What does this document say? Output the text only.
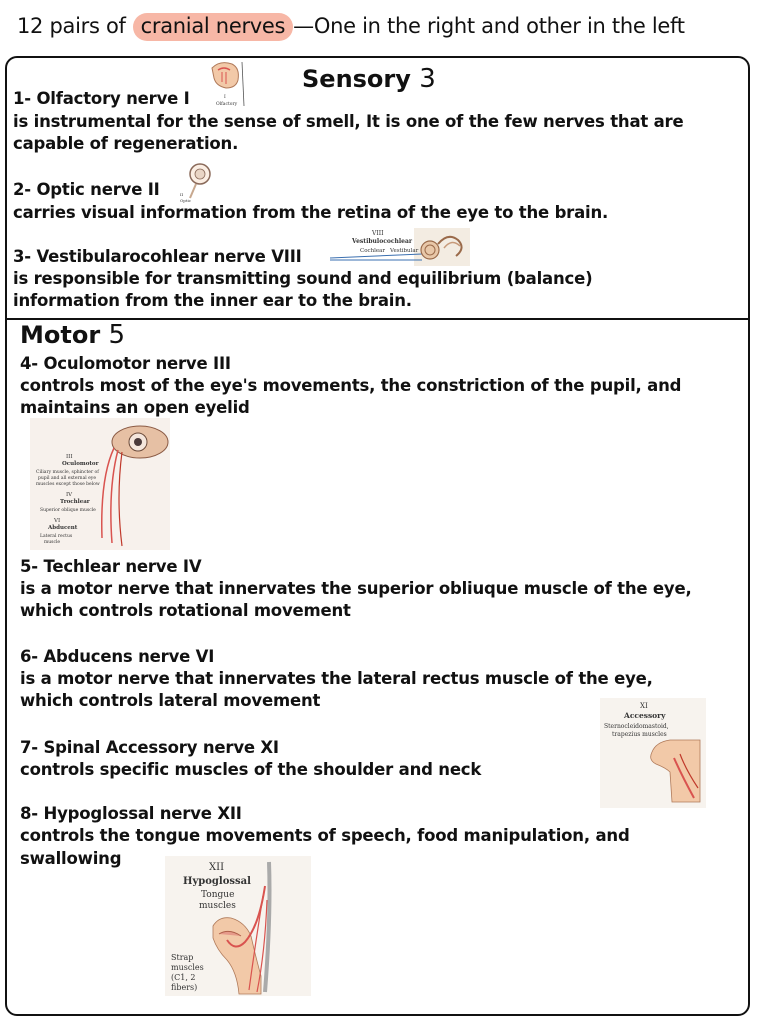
12 pairs of cranial nerves —One in the right and other in the left
Sensory 3
1- Olfactory nerve I
is instrumental for the sense of smell, It is one of the few nerves that are
capable of regeneration.
I
Olfactory
2- Optic nerve II
carries visual information from the retina of the eye to the brain.
II
Optic
3- Vestibularocohlear nerve VIII
is responsible for transmitting sound and equilibrium (balance)
information from the inner ear to the brain.
VIII
Vestibulocochlear
Cochlear Vestibular
Motor 5
4- Oculomotor nerve III
controls most of the eye's movements, the constriction of the pupil, and
maintains an open eyelid
III
Oculomotor
Ciliary muscle, sphincter of
pupil and all external eye
muscles except those below
IV
Trochlear
Superior oblique muscle
VI
Abducent
Lateral rectus
muscle
5- Techlear nerve IV
is a motor nerve that innervates the superior obliuque muscle of the eye,
which controls rotational movement
6- Abducens nerve VI
is a motor nerve that innervates the lateral rectus muscle of the eye,
which controls lateral movement
7- Spinal Accessory nerve XI
controls specific muscles of the shoulder and neck
XI
Accessory
Sternocleidomastoid,
trapezius muscles
8- Hypoglossal nerve XII
controls the tongue movements of speech, food manipulation, and
swallowing	XII
Hypoglossal
Tongue
muscles
Strap
muscles
(C1, 2
fibers)
